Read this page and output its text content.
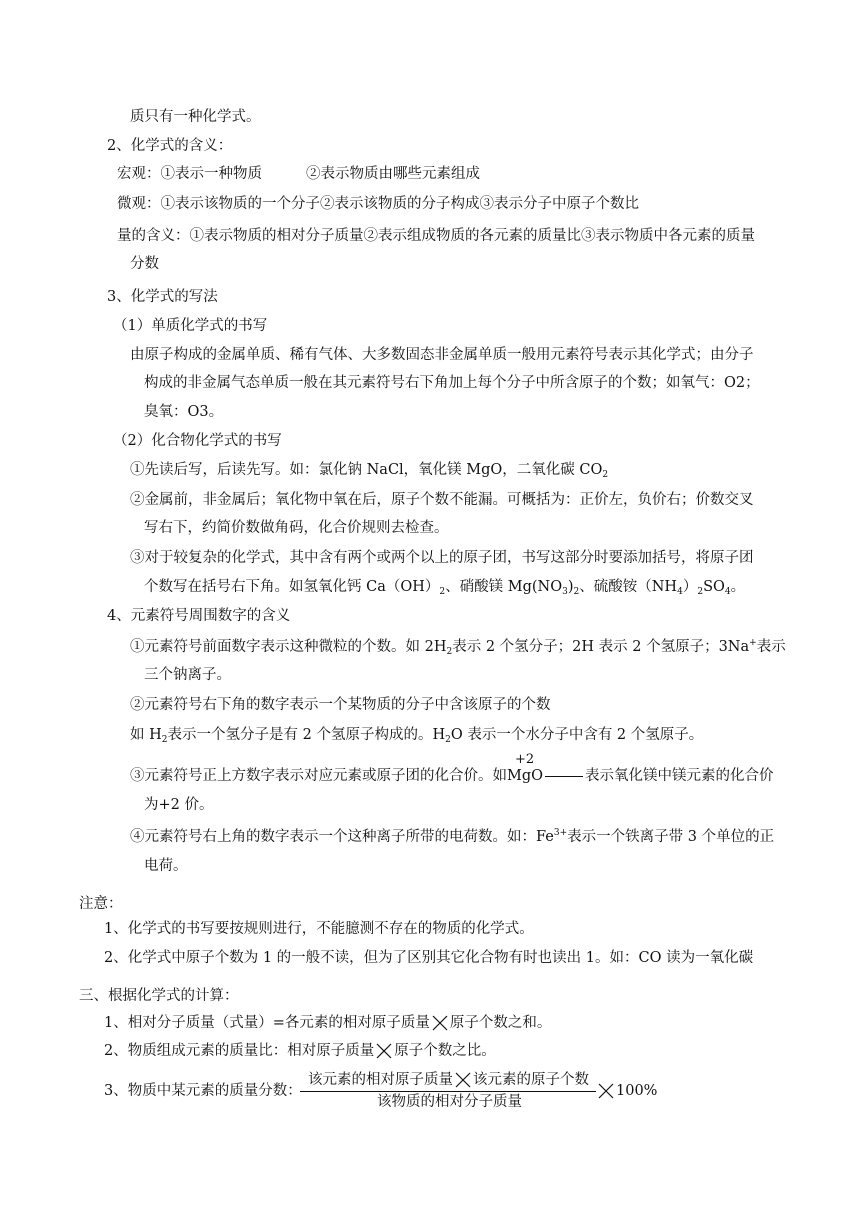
质只有一种化学式。
2、化学式的含义：
宏观：①表示一种物质	②表示物质由哪些元素组成
微观：①表示该物质的一个分子②表示该物质的分子构成③表示分子中原子个数比
量的含义：①表示物质的相对分子质量②表示组成物质的各元素的质量比③表示物质中各元素的质量
分数
3、化学式的写法
（1）单质化学式的书写
由原子构成的金属单质、稀有气体、大多数固态非金属单质一般用元素符号表示其化学式；由分子
构成的非金属气态单质一般在其元素符号右下角加上每个分子中所含原子的个数；如氧气：O2；
臭氧：O3。
（2）化合物化学式的书写
①先读后写，后读先写。如：氯化钠 NaCl，氧化镁 MgO，二氧化碳 $CO_2$
②金属前，非金属后；氧化物中氧在后，原子个数不能漏。可概括为：正价左，负价右；价数交叉
写右下，约简价数做角码，化合价规则去检查。
③对于较复杂的化学式，其中含有两个或两个以上的原子团，书写这部分时要添加括号，将原子团
个数写在括号右下角。如氢氧化钙 $Ca(OH)_2$、硝酸镁 $Mg(NO_3)_2$、硫酸铵$(NH_4)_2SO_4$。
4、元素符号周围数字的含义
①元素符号前面数字表示这种微粒的个数。如 $2H_2$表示 2 个氢分子；2H 表示 2 个氢原子；3Na+表示
三个钠离子。
②元素符号右下角的数字表示一个某物质的分子中含该原子的个数
如 $H_2$表示一个氢分子是有 2 个氢原子构成的。$H_2O$ 表示一个水分子中含有 2 个氢原子。
③元素符号正上方数字表示对应元素或原子团的化合价。如
+2
MgO	表示氧化镁中镁元素的化合价
为+2 价。
④元素符号右上角的数字表示一个这种离子所带的电荷数。如：$Fe^{3+}$表示一个铁离子带 3 个单位的正
电荷。
注意：
1、化学式的书写要按规则进行，不能臆测不存在的物质的化学式。
2、化学式中原子个数为 1 的一般不读，但为了区别其它化合物有时也读出 1。如：CO 读为一氧化碳
三、根据化学式的计算：
1、相对分子质量（式量）=各元素的相对原子质量 原子个数之和。
2、物质组成元素的质量比：相对原子质量 原子个数之比。
3、物质中某元素的质量分数：
该元素的相对原子质量 该元素的原子个数
该物质的相对分子质量
100%
